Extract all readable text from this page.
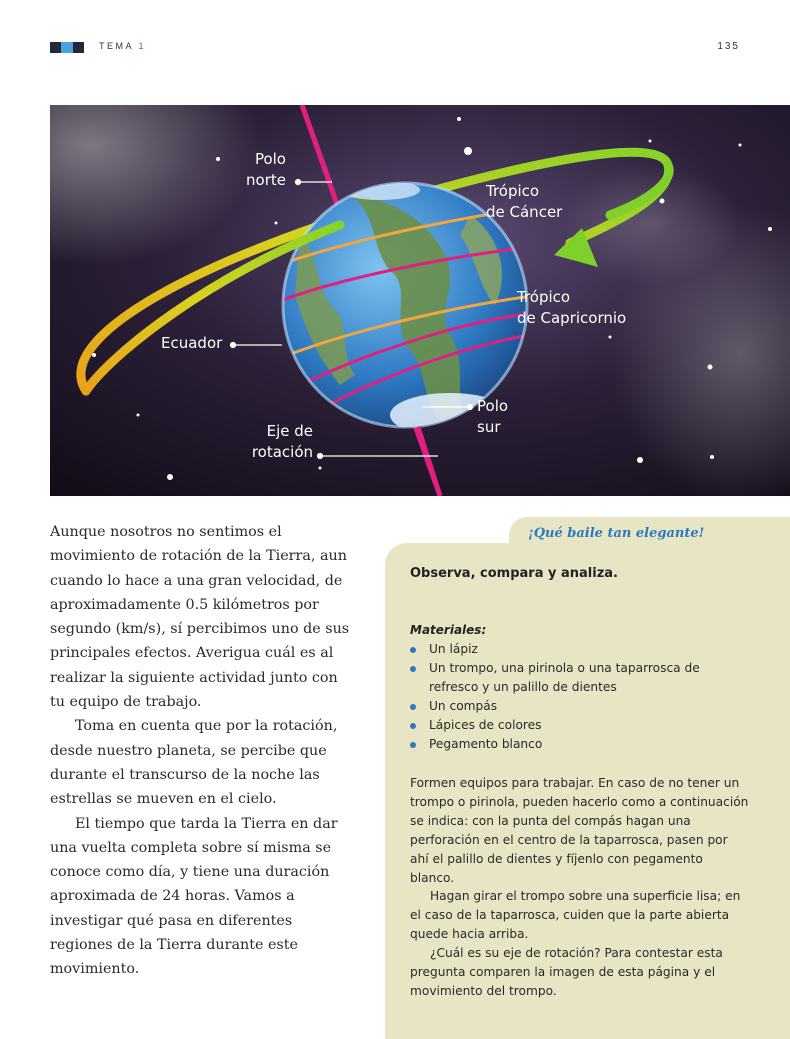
TEMA 1	135
Polo
norte
Trópico
de Cáncer
Trópico
de Capricornio
Ecuador
Polo
sur
Eje de
rotación

Aunque nosotros no sentimos el movimiento de rotación de la Tierra, aun cuando lo hace a una gran velocidad, de aproximadamente 0.5 kilómetros por segundo (km/s), sí percibimos uno de sus principales efectos. Averigua cuál es al realizar la siguiente actividad junto con tu equipo de trabajo.

Toma en cuenta que por la rotación, desde nuestro planeta, se percibe que durante el transcurso de la noche las estrellas se mueven en el cielo.

El tiempo que tarda la Tierra en dar una vuelta completa sobre sí misma se conoce como día, y tiene una duración aproximada de 24 horas. Vamos a investigar qué pasa en diferentes regiones de la Tierra durante este movimiento.

¡Qué baile tan elegante!
Observa, compara y analiza.
Materiales:
Un lápiz
Un trompo, una pirinola o una taparrosca de refresco y un palillo de dientes
Un compás
Lápices de colores
Pegamento blanco

Formen equipos para trabajar. En caso de no tener un trompo o pirinola, pueden hacerlo como a continuación se indica: con la punta del compás hagan una perforación en el centro de la taparrosca, pasen por ahí el palillo de dientes y fíjenlo con pegamento blanco.

Hagan girar el trompo sobre una superficie lisa; en el caso de la taparrosca, cuiden que la parte abierta quede hacia arriba.

¿Cuál es su eje de rotación? Para contestar esta pregunta comparen la imagen de esta página y el movimiento del trompo.
